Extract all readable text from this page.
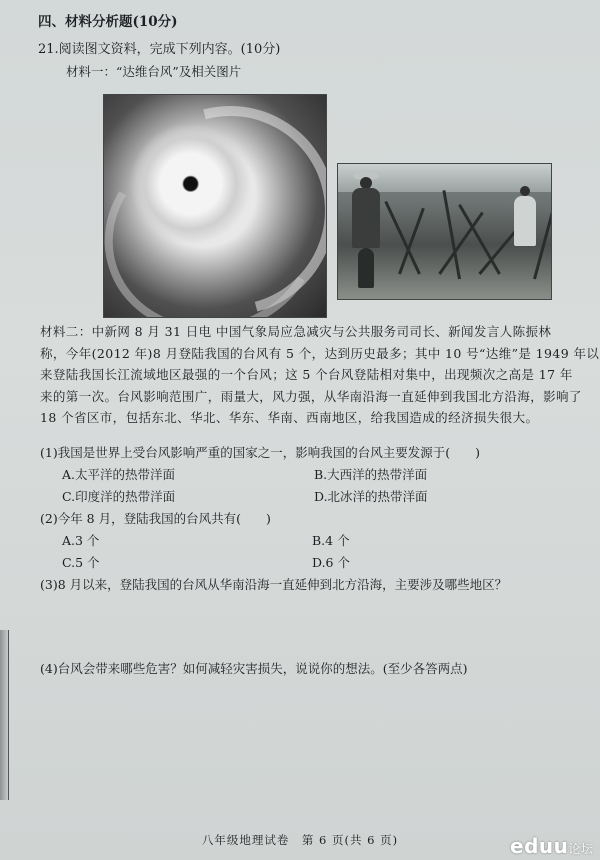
四、材料分析题(10分)
21.阅读图文资料，完成下列内容。(10分)
材料一：“达维台风”及相关图片
材料二：中新网 8 月 31 日电 中国气象局应急减灾与公共服务司司长、新闻发言人陈振林
称，今年(2012 年)8 月登陆我国的台风有 5 个，达到历史最多；其中 10 号“达维”是 1949 年以
来登陆我国长江流域地区最强的一个台风；这 5 个台风登陆相对集中，出现频次之高是 17 年
来的第一次。台风影响范围广，雨量大，风力强，从华南沿海一直延伸到我国北方沿海，影响了
18 个省区市，包括东北、华北、华东、华南、西南地区，给我国造成的经济损失很大。
(1)我国是世界上受台风影响严重的国家之一，影响我国的台风主要发源于(　　)
A.太平洋的热带洋面	B.大西洋的热带洋面
C.印度洋的热带洋面	D.北冰洋的热带洋面
(2)今年 8 月，登陆我国的台风共有(　　)
A.3 个	B.4 个
C.5 个	D.6 个
(3)8 月以来，登陆我国的台风从华南沿海一直延伸到北方沿海，主要涉及哪些地区？
(4)台风会带来哪些危害？如何减轻灾害损失，说说你的想法。(至少各答两点)
八年级地理试卷　第 6 页(共 6 页)	eduu论坛
